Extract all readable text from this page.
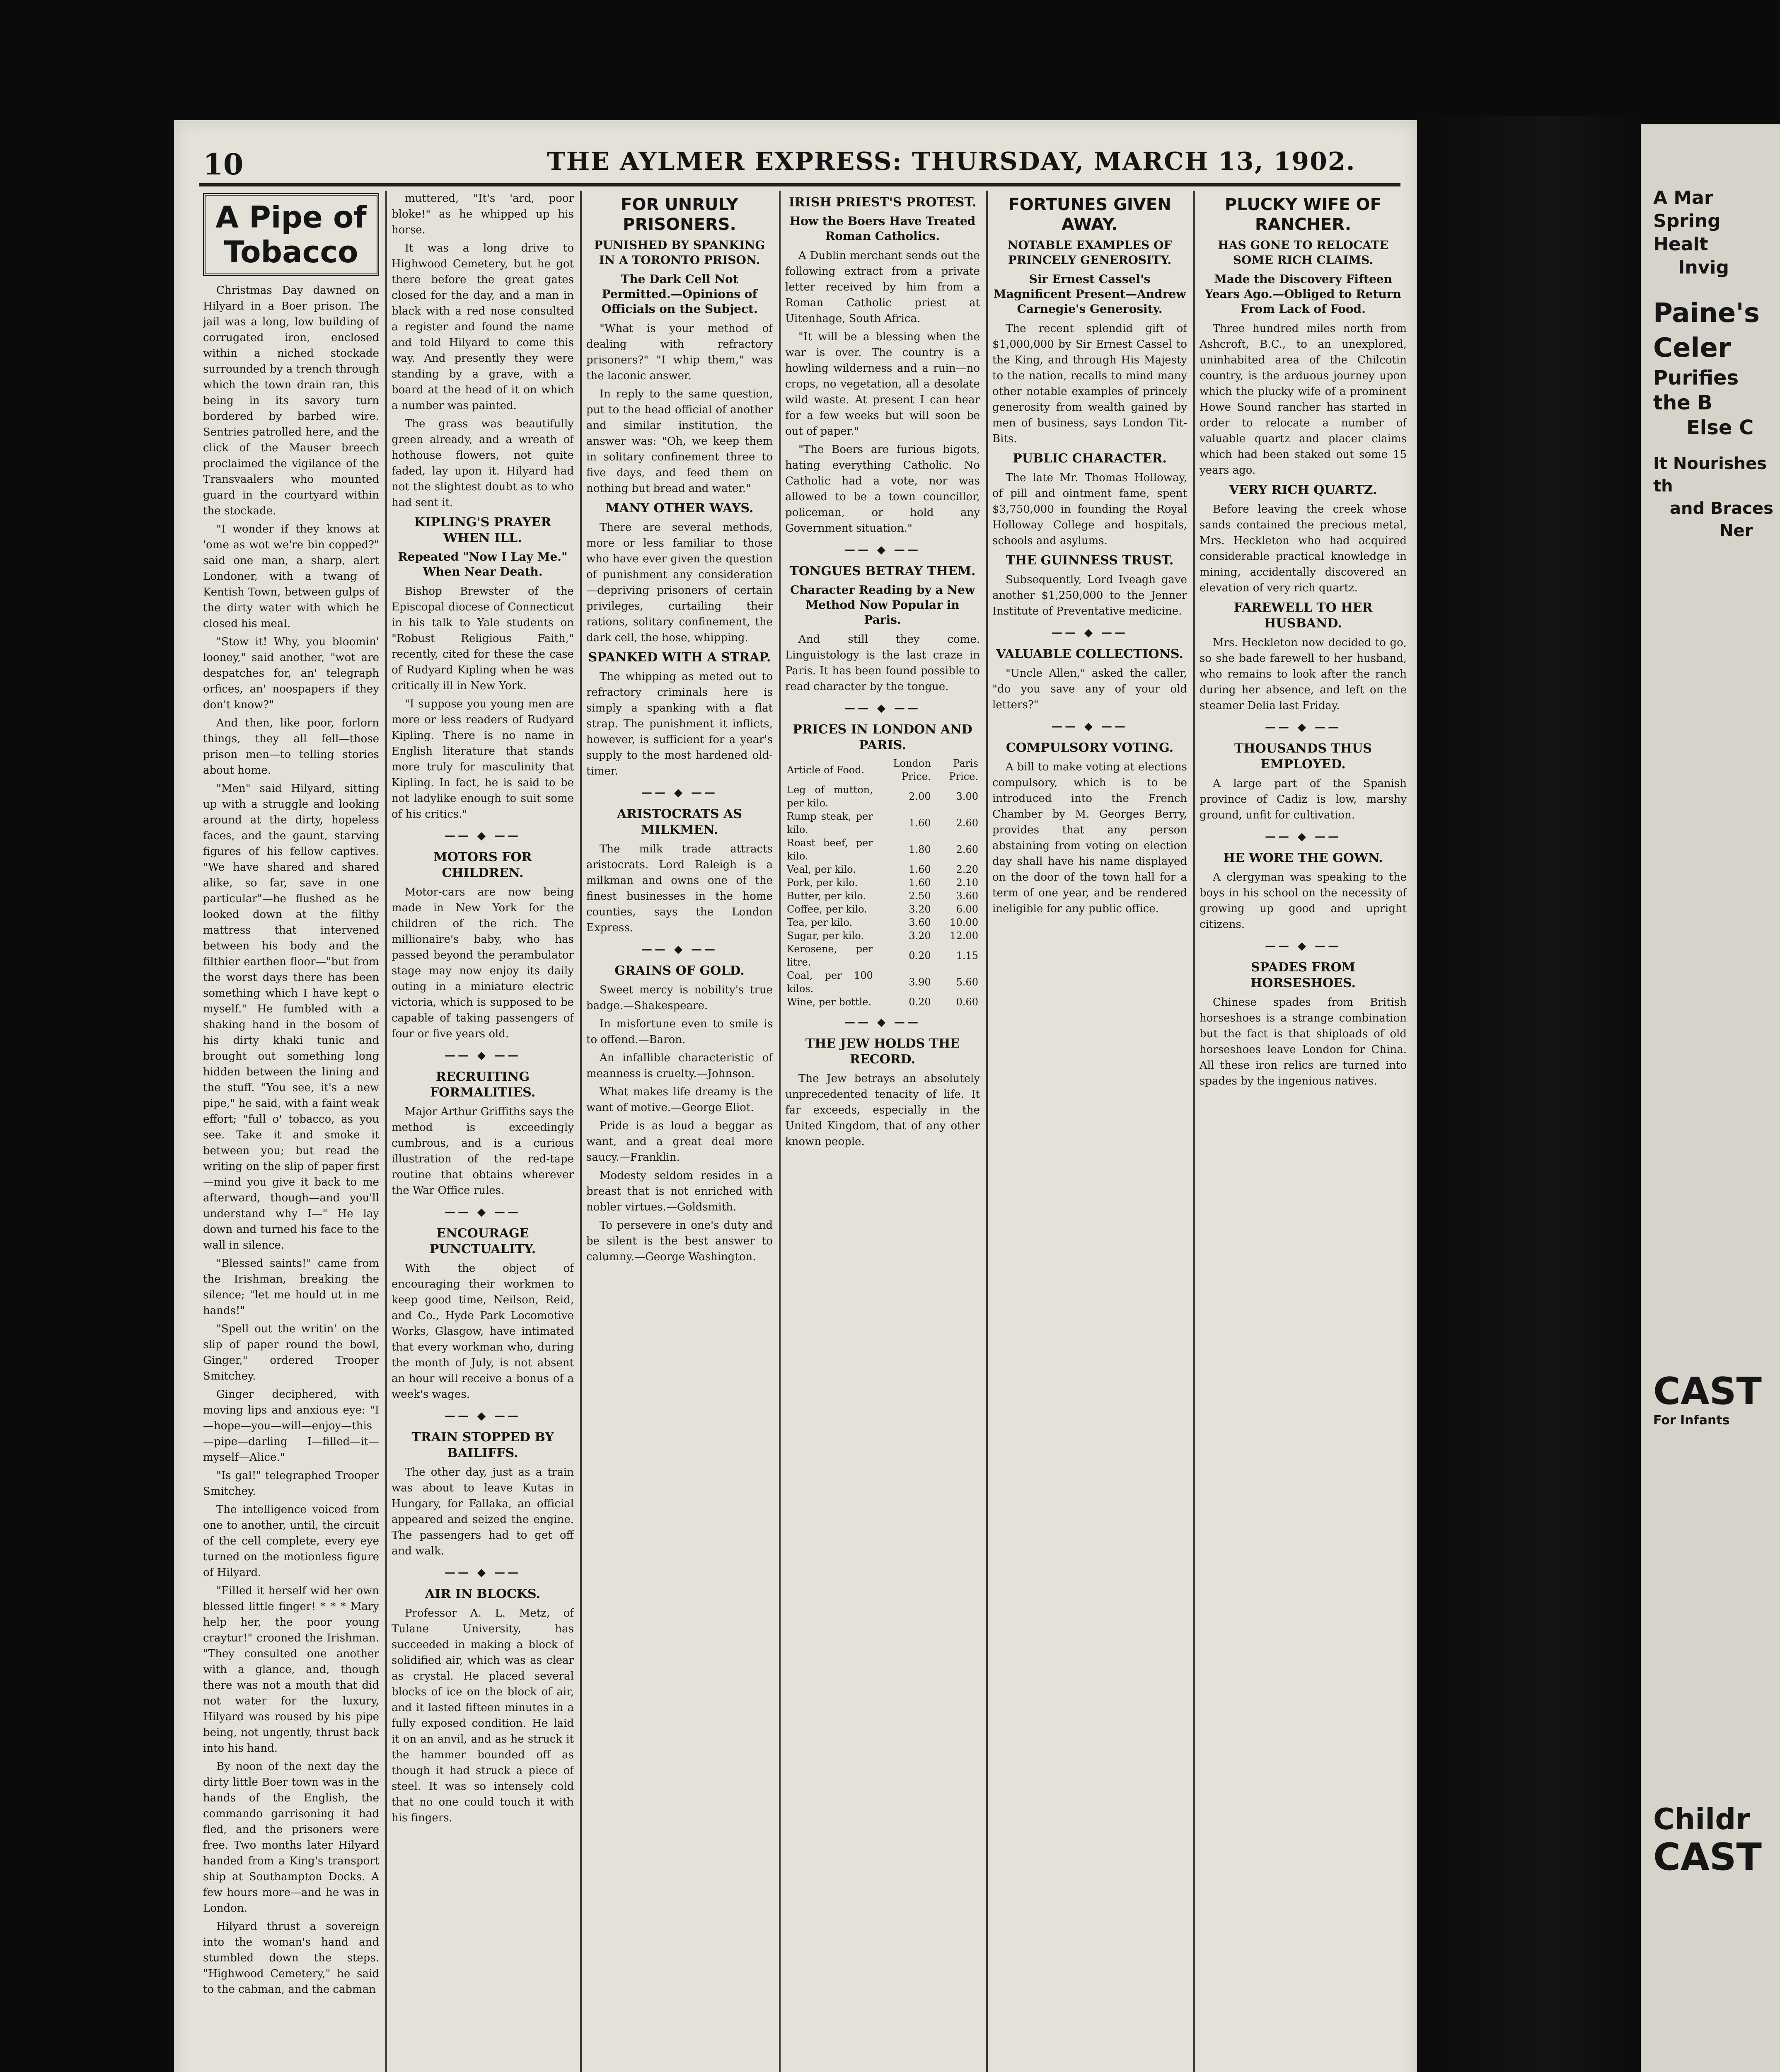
A Mar
Spring Healt
Invig
Paine's Celer
Purifies the B
Else C
It Nourishes th
and Braces
Ner
CAST
For Infants
Childr
CAST
10	THE AYLMER EXPRESS: THURSDAY, MARCH 13, 1902.
A Pipe of Tobacco

Christmas Day dawned on Hilyard in a Boer prison. The jail was a long, low building of corrugated iron, enclosed within a niched stockade surrounded by a trench through which the town drain ran, this being in its savory turn bordered by barbed wire. Sentries patrolled here, and the click of the Mauser breech proclaimed the vigilance of the Transvaalers who mounted guard in the courtyard within the stockade.

"I wonder if they knows at 'ome as wot we're bin copped?" said one man, a sharp, alert Londoner, with a twang of Kentish Town, between gulps of the dirty water with which he closed his meal.

"Stow it! Why, you bloomin' looney," said another, "wot are despatches for, an' telegraph orfices, an' noospapers if they don't know?"

And then, like poor, forlorn things, they all fell—those prison men—to telling stories about home.

"Men" said Hilyard, sitting up with a struggle and looking around at the dirty, hopeless faces, and the gaunt, starving figures of his fellow captives. "We have shared and shared alike, so far, save in one particular"—he flushed as he looked down at the filthy mattress that intervened between his body and the filthier earthen floor—"but from the worst days there has been something which I have kept o myself." He fumbled with a shaking hand in the bosom of his dirty khaki tunic and brought out something long hidden between the lining and the stuff. "You see, it's a new pipe," he said, with a faint weak effort; "full o' tobacco, as you see. Take it and smoke it between you; but read the writing on the slip of paper first—mind you give it back to me afterward, though—and you'll understand why I—" He lay down and turned his face to the wall in silence.

"Blessed saints!" came from the Irishman, breaking the silence; "let me hould ut in me hands!"

"Spell out the writin' on the slip of paper round the bowl, Ginger," ordered Trooper Smitchey.

Ginger deciphered, with moving lips and anxious eye: "I—hope—you—will—enjoy—this—pipe—darling I—filled—it—myself—Alice."

"Is gal!" telegraphed Trooper Smitchey.

The intelligence voiced from one to another, until, the circuit of the cell complete, every eye turned on the motionless figure of Hilyard.

"Filled it herself wid her own blessed little finger! * * * Mary help her, the poor young craytur!" crooned the Irishman. "They consulted one another with a glance, and, though there was not a mouth that did not water for the luxury, Hilyard was roused by his pipe being, not ungently, thrust back into his hand.

By noon of the next day the dirty little Boer town was in the hands of the English, the commando garrisoning it had fled, and the prisoners were free. Two months later Hilyard handed from a King's transport ship at Southampton Docks. A few hours more—and he was in London.

Hilyard thrust a sovereign into the woman's hand and stumbled down the steps. "Highwood Cemetery," he said to the cabman, and the cabman

muttered, "It's 'ard, poor bloke!" as he whipped up his horse.

It was a long drive to Highwood Cemetery, but he got there before the great gates closed for the day, and a man in black with a red nose consulted a register and found the name and told Hilyard to come this way. And presently they were standing by a grave, with a board at the head of it on which a number was painted.

The grass was beautifully green already, and a wreath of hothouse flowers, not quite faded, lay upon it. Hilyard had not the slightest doubt as to who had sent it.

KIPLING'S PRAYER WHEN ILL.
Repeated "Now I Lay Me." When Near Death.

Bishop Brewster of the Episcopal diocese of Connecticut in his talk to Yale students on "Robust Religious Faith," recently, cited for these the case of Rudyard Kipling when he was critically ill in New York.

"I suppose you young men are more or less readers of Rudyard Kipling. There is no name in English literature that stands more truly for masculinity that Kipling. In fact, he is said to be not ladylike enough to suit some of his critics."

—— ◆ ——
MOTORS FOR CHILDREN.

Motor-cars are now being made in New York for the children of the rich. The millionaire's baby, who has passed beyond the perambulator stage may now enjoy its daily outing in a miniature electric victoria, which is supposed to be capable of taking passengers of four or five years old.

—— ◆ ——
RECRUITING FORMALITIES.

Major Arthur Griffiths says the method is exceedingly cumbrous, and is a curious illustration of the red-tape routine that obtains wherever the War Office rules.

—— ◆ ——
ENCOURAGE PUNCTUALITY.

With the object of encouraging their workmen to keep good time, Neilson, Reid, and Co., Hyde Park Locomotive Works, Glasgow, have intimated that every workman who, during the month of July, is not absent an hour will receive a bonus of a week's wages.

—— ◆ ——
TRAIN STOPPED BY BAILIFFS.

The other day, just as a train was about to leave Kutas in Hungary, for Fallaka, an official appeared and seized the engine. The passengers had to get off and walk.

—— ◆ ——
AIR IN BLOCKS.

Professor A. L. Metz, of Tulane University, has succeeded in making a block of solidified air, which was as clear as crystal. He placed several blocks of ice on the block of air, and it lasted fifteen minutes in a fully exposed condition. He laid it on an anvil, and as he struck it the hammer bounded off as though it had struck a piece of steel. It was so intensely cold that no one could touch it with his fingers.

FOR UNRULY PRISONERS.
PUNISHED BY SPANKING IN A TORONTO PRISON.
The Dark Cell Not Permitted.—Opinions of Officials on the Subject.

"What is your method of dealing with refractory prisoners?" "I whip them," was the laconic answer.

In reply to the same question, put to the head official of another and similar institution, the answer was: "Oh, we keep them in solitary confinement three to five days, and feed them on nothing but bread and water."

MANY OTHER WAYS.

There are several methods, more or less familiar to those who have ever given the question of punishment any consideration—depriving prisoners of certain privileges, curtailing their rations, solitary confinement, the dark cell, the hose, whipping.

SPANKED WITH A STRAP.

The whipping as meted out to refractory criminals here is simply a spanking with a flat strap. The punishment it inflicts, however, is sufficient for a year's supply to the most hardened old-timer.

—— ◆ ——
ARISTOCRATS AS MILKMEN.

The milk trade attracts aristocrats. Lord Raleigh is a milkman and owns one of the finest businesses in the home counties, says the London Express.

—— ◆ ——
GRAINS OF GOLD.

Sweet mercy is nobility's true badge.—Shakespeare.

In misfortune even to smile is to offend.—Baron.

An infallible characteristic of meanness is cruelty.—Johnson.

What makes life dreamy is the want of motive.—George Eliot.

Pride is as loud a beggar as want, and a great deal more saucy.—Franklin.

Modesty seldom resides in a breast that is not enriched with nobler virtues.—Goldsmith.

To persevere in one's duty and be silent is the best answer to calumny.—George Washington.

IRISH PRIEST'S PROTEST.
How the Boers Have Treated Roman Catholics.

A Dublin merchant sends out the following extract from a private letter received by him from a Roman Catholic priest at Uitenhage, South Africa.

"It will be a blessing when the war is over. The country is a howling wilderness and a ruin—no crops, no vegetation, all a desolate wild waste. At present I can hear for a few weeks but will soon be out of paper."

"The Boers are furious bigots, hating everything Catholic. No Catholic had a vote, nor was allowed to be a town councillor, policeman, or hold any Government situation."

—— ◆ ——
TONGUES BETRAY THEM.
Character Reading by a New Method Now Popular in Paris.

And still they come. Linguistology is the last craze in Paris. It has been found possible to read character by the tongue.

—— ◆ ——
PRICES IN LONDON AND PARIS.
Article of Food.	London Price.	Paris Price.
Leg of mutton, per kilo.	2.00	3.00
Rump steak, per kilo.	1.60	2.60
Roast beef, per kilo.	1.80	2.60
Veal, per kilo.	1.60	2.20
Pork, per kilo.	1.60	2.10
Butter, per kilo.	2.50	3.60
Coffee, per kilo.	3.20	6.00
Tea, per kilo.	3.60	10.00
Sugar, per kilo.	3.20	12.00
Kerosene, per litre.	0.20	1.15
Coal, per 100 kilos.	3.90	5.60
Wine, per bottle.	0.20	0.60
—— ◆ ——
THE JEW HOLDS THE RECORD.

The Jew betrays an absolutely unprecedented tenacity of life. It far exceeds, especially in the United Kingdom, that of any other known people.

FORTUNES GIVEN AWAY.
NOTABLE EXAMPLES OF PRINCELY GENEROSITY.
Sir Ernest Cassel's Magnificent Present—Andrew Carnegie's Generosity.

The recent splendid gift of $1,000,000 by Sir Ernest Cassel to the King, and through His Majesty to the nation, recalls to mind many other notable examples of princely generosity from wealth gained by men of business, says London Tit-Bits.

PUBLIC CHARACTER.

The late Mr. Thomas Holloway, of pill and ointment fame, spent $3,750,000 in founding the Royal Holloway College and hospitals, schools and asylums.

THE GUINNESS TRUST.

Subsequently, Lord Iveagh gave another $1,250,000 to the Jenner Institute of Preventative medicine.

—— ◆ ——
VALUABLE COLLECTIONS.

"Uncle Allen," asked the caller, "do you save any of your old letters?"

—— ◆ ——
COMPULSORY VOTING.

A bill to make voting at elections compulsory, which is to be introduced into the French Chamber by M. Georges Berry, provides that any person abstaining from voting on election day shall have his name displayed on the door of the town hall for a term of one year, and be rendered ineligible for any public office.

PLUCKY WIFE OF RANCHER.
HAS GONE TO RELOCATE SOME RICH CLAIMS.
Made the Discovery Fifteen Years Ago.—Obliged to Return From Lack of Food.

Three hundred miles north from Ashcroft, B.C., to an unexplored, uninhabited area of the Chilcotin country, is the arduous journey upon which the plucky wife of a prominent Howe Sound rancher has started in order to relocate a number of valuable quartz and placer claims which had been staked out some 15 years ago.

VERY RICH QUARTZ.

Before leaving the creek whose sands contained the precious metal, Mrs. Heckleton who had acquired considerable practical knowledge in mining, accidentally discovered an elevation of very rich quartz.

FAREWELL TO HER HUSBAND.

Mrs. Heckleton now decided to go, so she bade farewell to her husband, who remains to look after the ranch during her absence, and left on the steamer Delia last Friday.

—— ◆ ——
THOUSANDS THUS EMPLOYED.

A large part of the Spanish province of Cadiz is low, marshy ground, unfit for cultivation.

—— ◆ ——
HE WORE THE GOWN.

A clergyman was speaking to the boys in his school on the necessity of growing up good and upright citizens.

—— ◆ ——
SPADES FROM HORSESHOES.

Chinese spades from British horseshoes is a strange combination but the fact is that shiploads of old horseshoes leave London for China. All these iron relics are turned into spades by the ingenious natives.
